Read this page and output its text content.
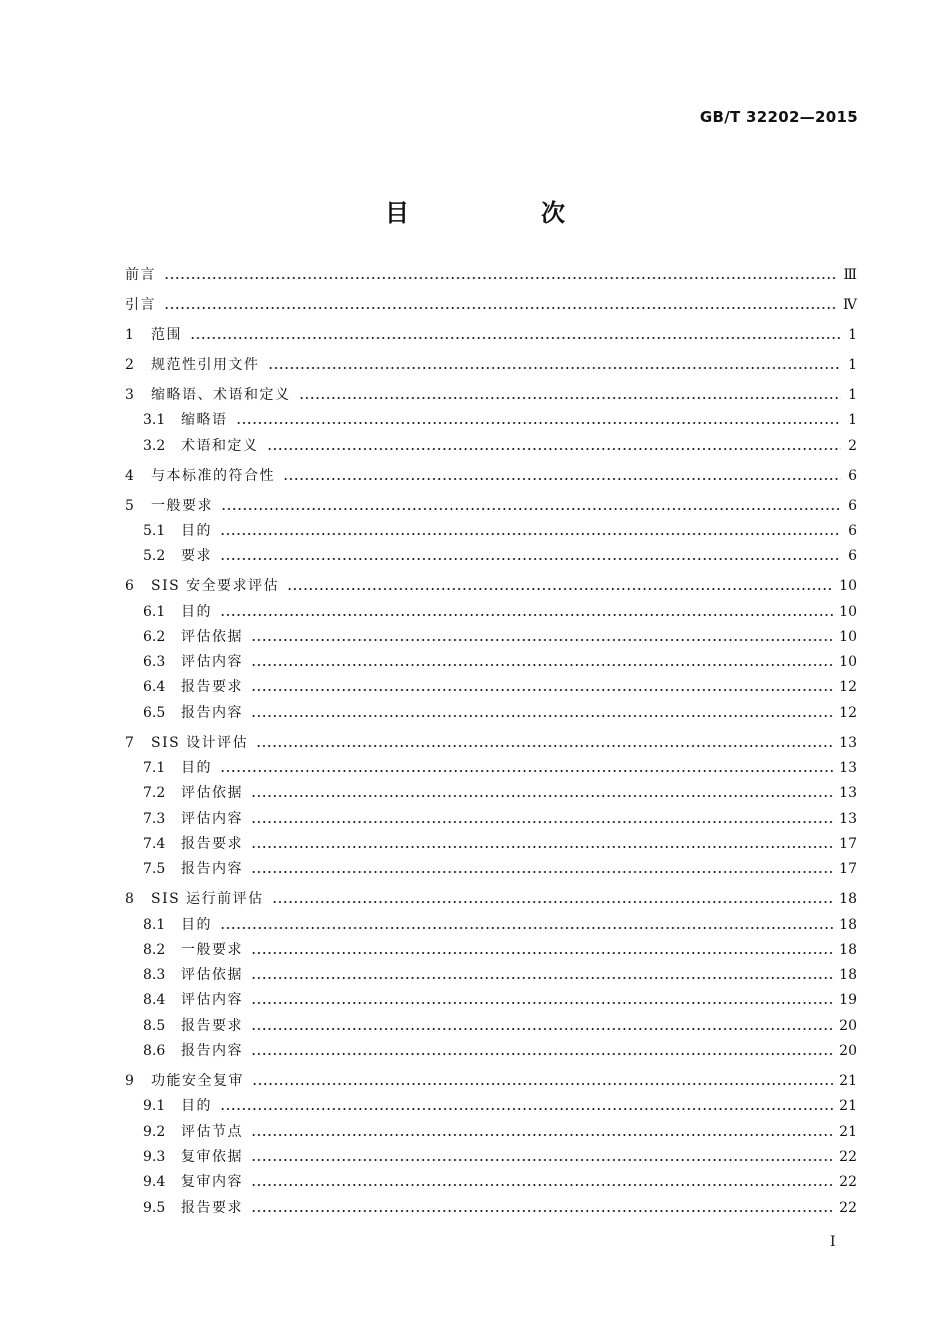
GB/T 32202—2015
目　次
前言	Ⅲ
引言	Ⅳ
1	范围	1
2	规范性引用文件	1
3	缩略语、术语和定义	1
3.1	缩略语	1
3.2	术语和定义	2
4	与本标准的符合性	6
5	一般要求	6
5.1	目的	6
5.2	要求	6
6	SIS 安全要求评估	10
6.1	目的	10
6.2	评估依据	10
6.3	评估内容	10
6.4	报告要求	12
6.5	报告内容	12
7	SIS 设计评估	13
7.1	目的	13
7.2	评估依据	13
7.3	评估内容	13
7.4	报告要求	17
7.5	报告内容	17
8	SIS 运行前评估	18
8.1	目的	18
8.2	一般要求	18
8.3	评估依据	18
8.4	评估内容	19
8.5	报告要求	20
8.6	报告内容	20
9	功能安全复审	21
9.1	目的	21
9.2	评估节点	21
9.3	复审依据	22
9.4	复审内容	22
9.5	报告要求	22
I
